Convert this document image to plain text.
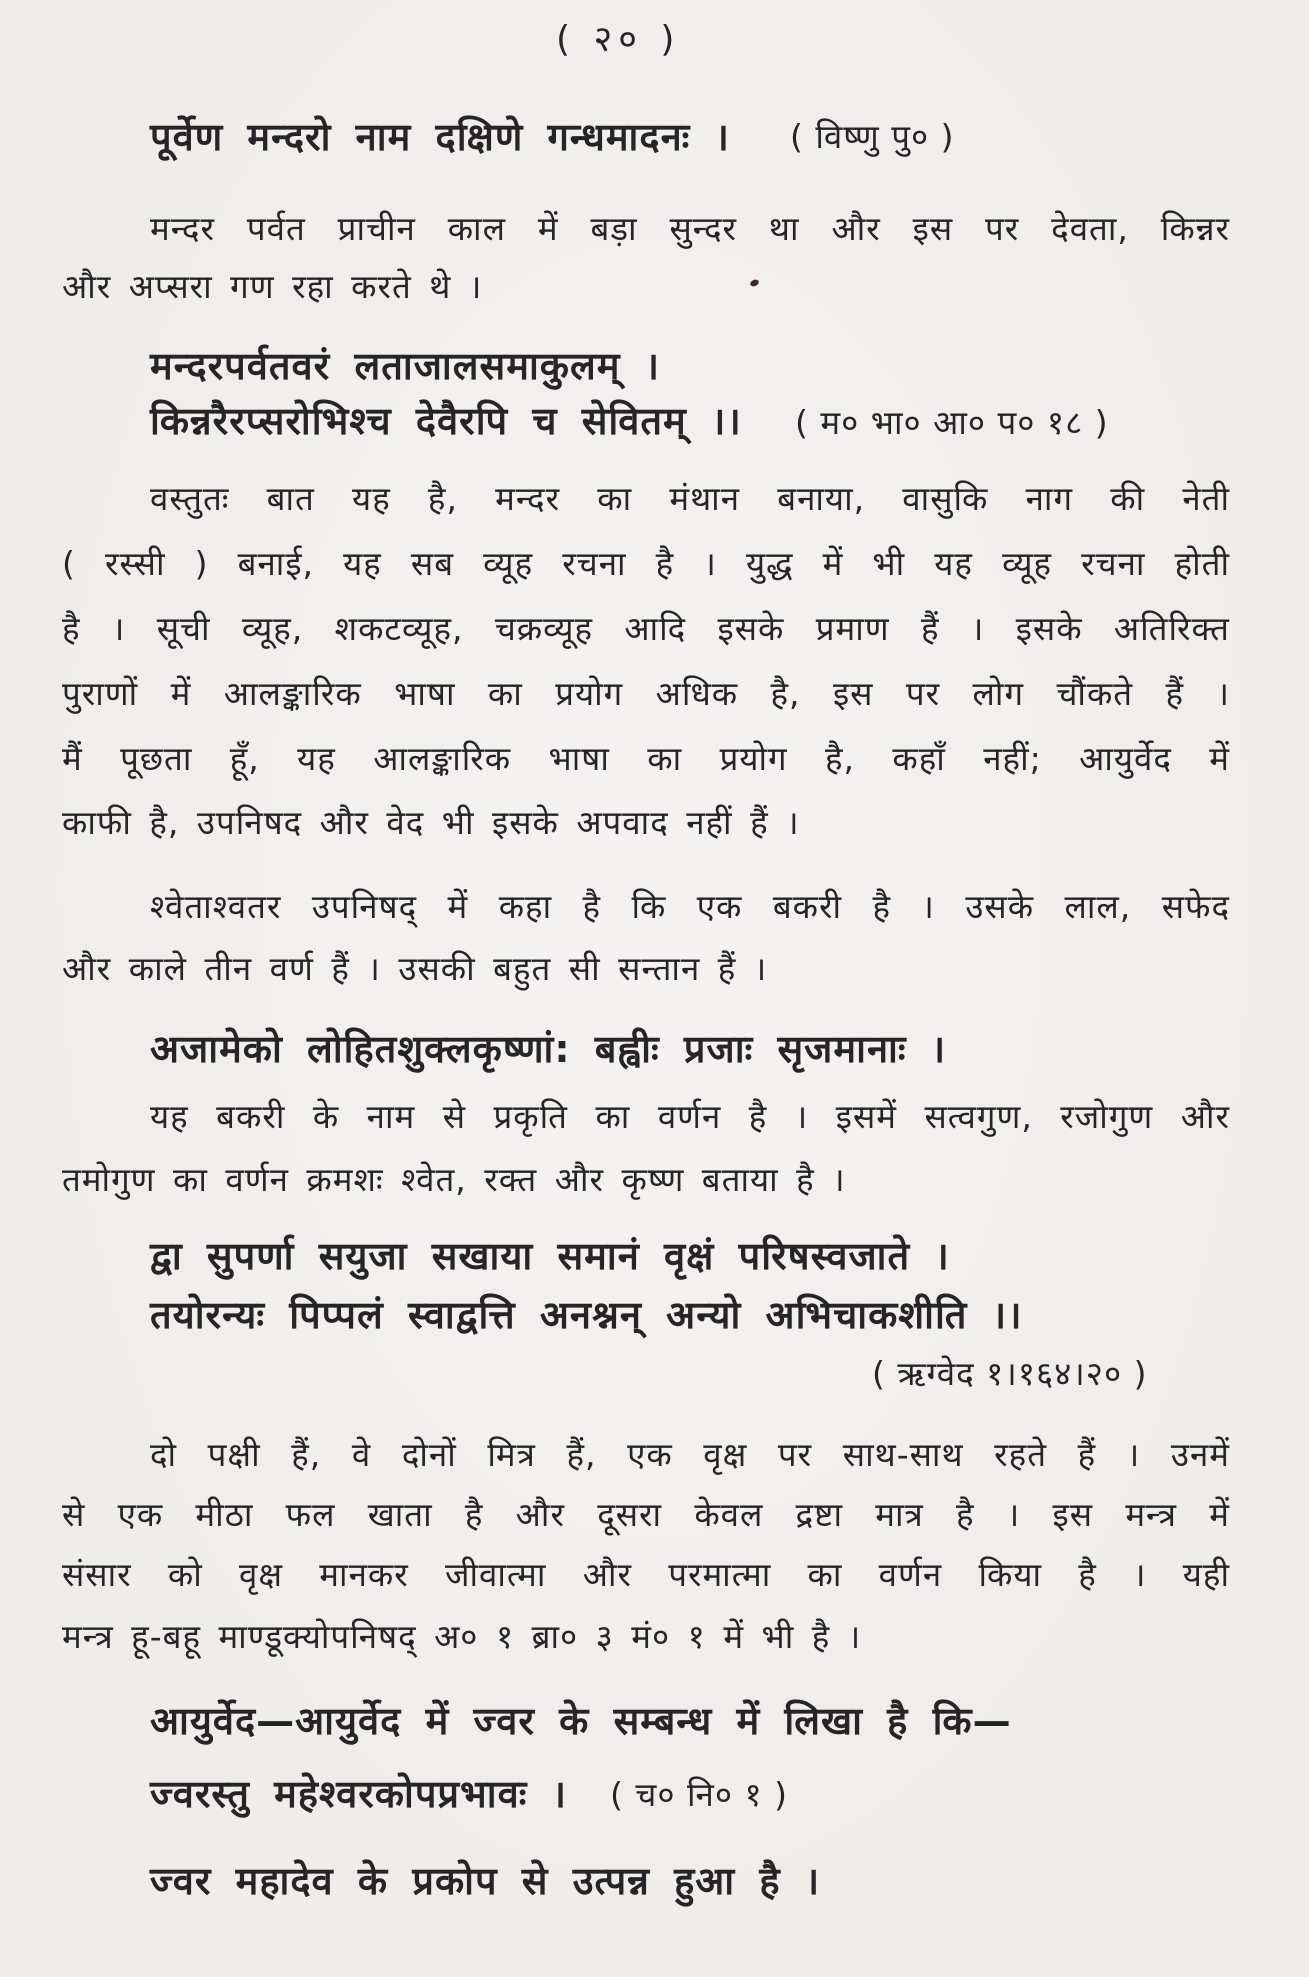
( २० )
पूर्वेण मन्दरो नाम दक्षिणे गन्धमादनः । ( विष्णु पु० )
मन्दर पर्वत प्राचीन काल में बड़ा सुन्दर था और इस पर देवता, किन्नर
और अप्सरा गण रहा करते थे ।
मन्दरपर्वतवरं लताजालसमाकुलम् ।
किन्नरैरप्सरोभिश्च देवैरपि च सेवितम् ।। ( म० भा० आ० प० १८ )
वस्तुतः बात यह है, मन्दर का मंथान बनाया, वासुकि नाग की नेती
( रस्सी ) बनाई, यह सब व्यूह रचना है । युद्ध में भी यह व्यूह रचना होती
है । सूची व्यूह, शकटव्यूह, चक्रव्यूह आदि इसके प्रमाण हैं । इसके अतिरिक्त
पुराणों में आलङ्कारिक भाषा का प्रयोग अधिक है, इस पर लोग चौंकते हैं ।
मैं पूछता हूँ, यह आलङ्कारिक भाषा का प्रयोग है, कहाँ नहीं; आयुर्वेद में
काफी है, उपनिषद और वेद भी इसके अपवाद नहीं हैं ।
श्वेताश्वतर उपनिषद् में कहा है कि एक बकरी है । उसके लाल, सफेद
और काले तीन वर्ण हैं । उसकी बहुत सी सन्तान हैं ।
अजामेको लोहितशुक्लकृष्णां: बह्वीः प्रजाः सृजमानाः ।
यह बकरी के नाम से प्रकृति का वर्णन है । इसमें सत्वगुण, रजोगुण और
तमोगुण का वर्णन क्रमशः श्वेत, रक्त और कृष्ण बताया है ।
द्वा सुपर्णा सयुजा सखाया समानं वृक्षं परिषस्वजाते ।
तयोरन्यः पिप्पलं स्वाद्वत्ति अनश्नन् अन्यो अभिचाकशीति ।।
( ऋग्वेद १।१६४।२० )
दो पक्षी हैं, वे दोनों मित्र हैं, एक वृक्ष पर साथ-साथ रहते हैं । उनमें
से एक मीठा फल खाता है और दूसरा केवल द्रष्टा मात्र है । इस मन्त्र में
संसार को वृक्ष मानकर जीवात्मा और परमात्मा का वर्णन किया है । यही
मन्त्र हू-बहू माण्डूक्योपनिषद् अ० १ ब्रा० ३ मं० १ में भी है ।
आयुर्वेद—आयुर्वेद में ज्वर के सम्बन्ध में लिखा है कि—
ज्वरस्तु महेश्वरकोपप्रभावः । ( च० नि० १ )
ज्वर महादेव के प्रकोप से उत्पन्न हुआ है ।
